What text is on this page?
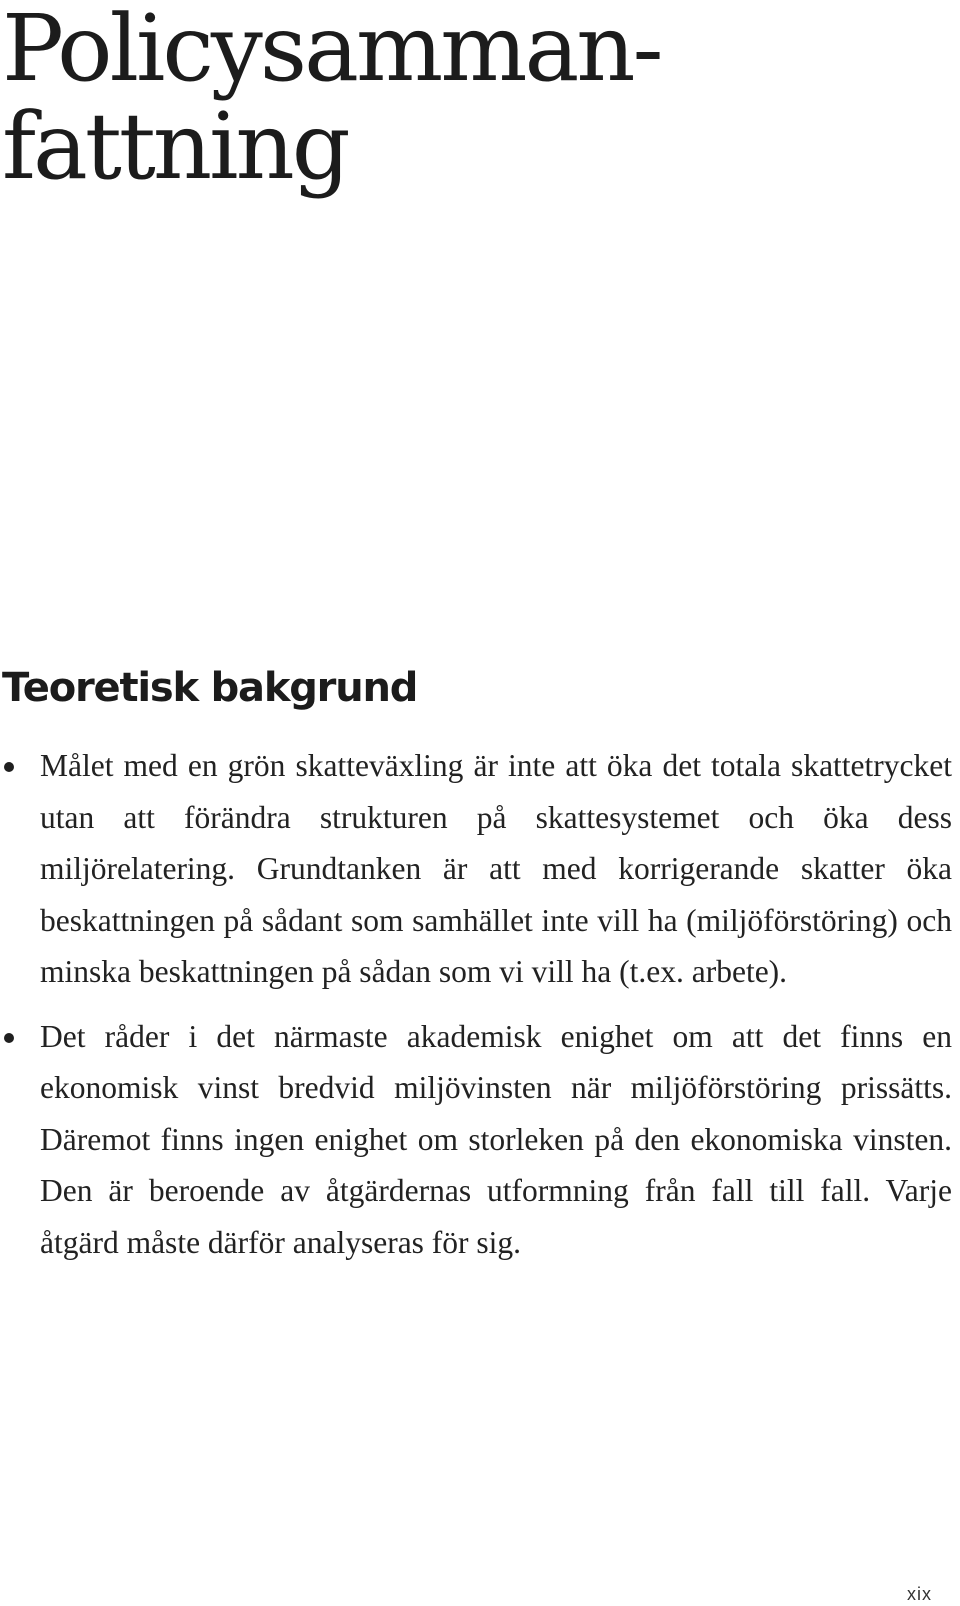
Policysamman-
fattning
Teoretisk bakgrund
Målet med en grön skatteväxling är inte att öka det totala skattetrycket utan att förändra strukturen på skattesystemet och öka dess miljörelatering. Grundtanken är att med korrigerande skatter öka beskattningen på sådant som samhället inte vill ha (miljöförstöring) och minska beskattningen på sådan som vi vill ha (t.ex. arbete).
Det råder i det närmaste akademisk enighet om att det finns en ekonomisk vinst bredvid miljövinsten när miljöförstöring prissätts. Däremot finns ingen enighet om storleken på den ekonomiska vinsten. Den är beroende av åtgärdernas utformning från fall till fall. Varje åtgärd måste därför analyseras för sig.
xix
